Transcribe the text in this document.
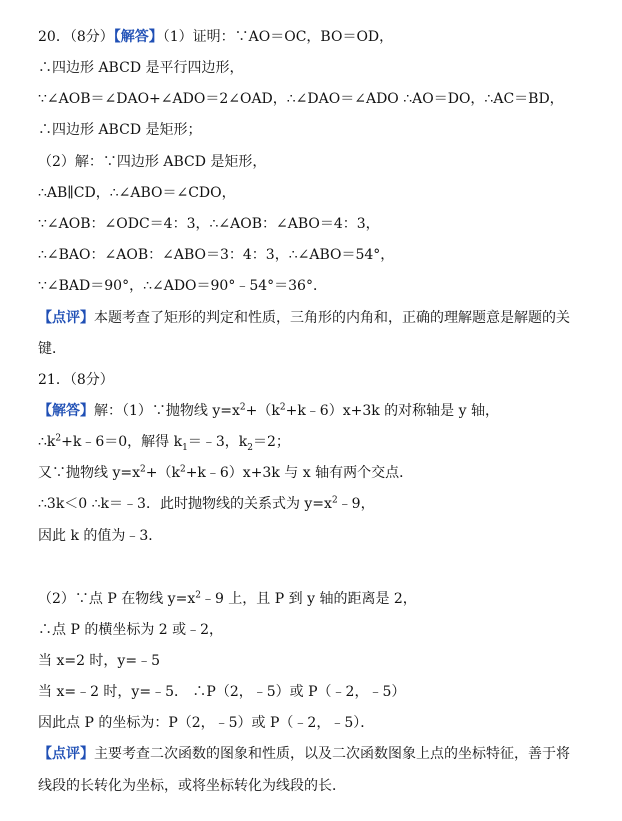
20．（8分）【解答】（1）证明：∵AO＝OC，BO＝OD，
∴四边形 ABCD 是平行四边形，
∵∠AOB＝∠DAO+∠ADO＝2∠OAD，∴∠DAO＝∠ADO ∴AO＝DO，∴AC＝BD，
∴四边形 ABCD 是矩形；
（2）解：∵四边形 ABCD 是矩形，
∴AB∥CD，∴∠ABO＝∠CDO，
∵∠AOB：∠ODC＝4：3，∴∠AOB：∠ABO＝4：3，
∴∠BAO：∠AOB：∠ABO＝3：4：3，∴∠ABO＝54°，
∵∠BAD＝90°，∴∠ADO＝90°﹣54°＝36°．
【点评】本题考查了矩形的判定和性质，三角形的内角和，正确的理解题意是解题的关
键．
21．（8分）
【解答】解：（1）∵抛物线 $y=x^2+(k^2+k﹣6)x+3k$ 的对称轴是 y 轴，
$\therefore k^2+k﹣6=0$，解得 $k_1=﹣3$，$k_2=2$；
又∵抛物线 $y=x^2+(k^2+k﹣6)x+3k$ 与 x 轴有两个交点．
∴3k＜0 ∴k＝﹣3．此时抛物线的关系式为 $y=x^2﹣9$，
因此 k 的值为﹣3．
（2）∵点 P 在物线 $y=x^2﹣9$ 上，且 P 到 y 轴的距离是 2，
∴点 P 的横坐标为 2 或﹣2，
当 x=2 时，y=﹣5
当 x=﹣2 时，y=﹣5． ∴P（2，﹣5）或 P（﹣2，﹣5）
因此点 P 的坐标为：P（2，﹣5）或 P（﹣2，﹣5）．
【点评】主要考查二次函数的图象和性质，以及二次函数图象上点的坐标特征，善于将
线段的长转化为坐标，或将坐标转化为线段的长．
